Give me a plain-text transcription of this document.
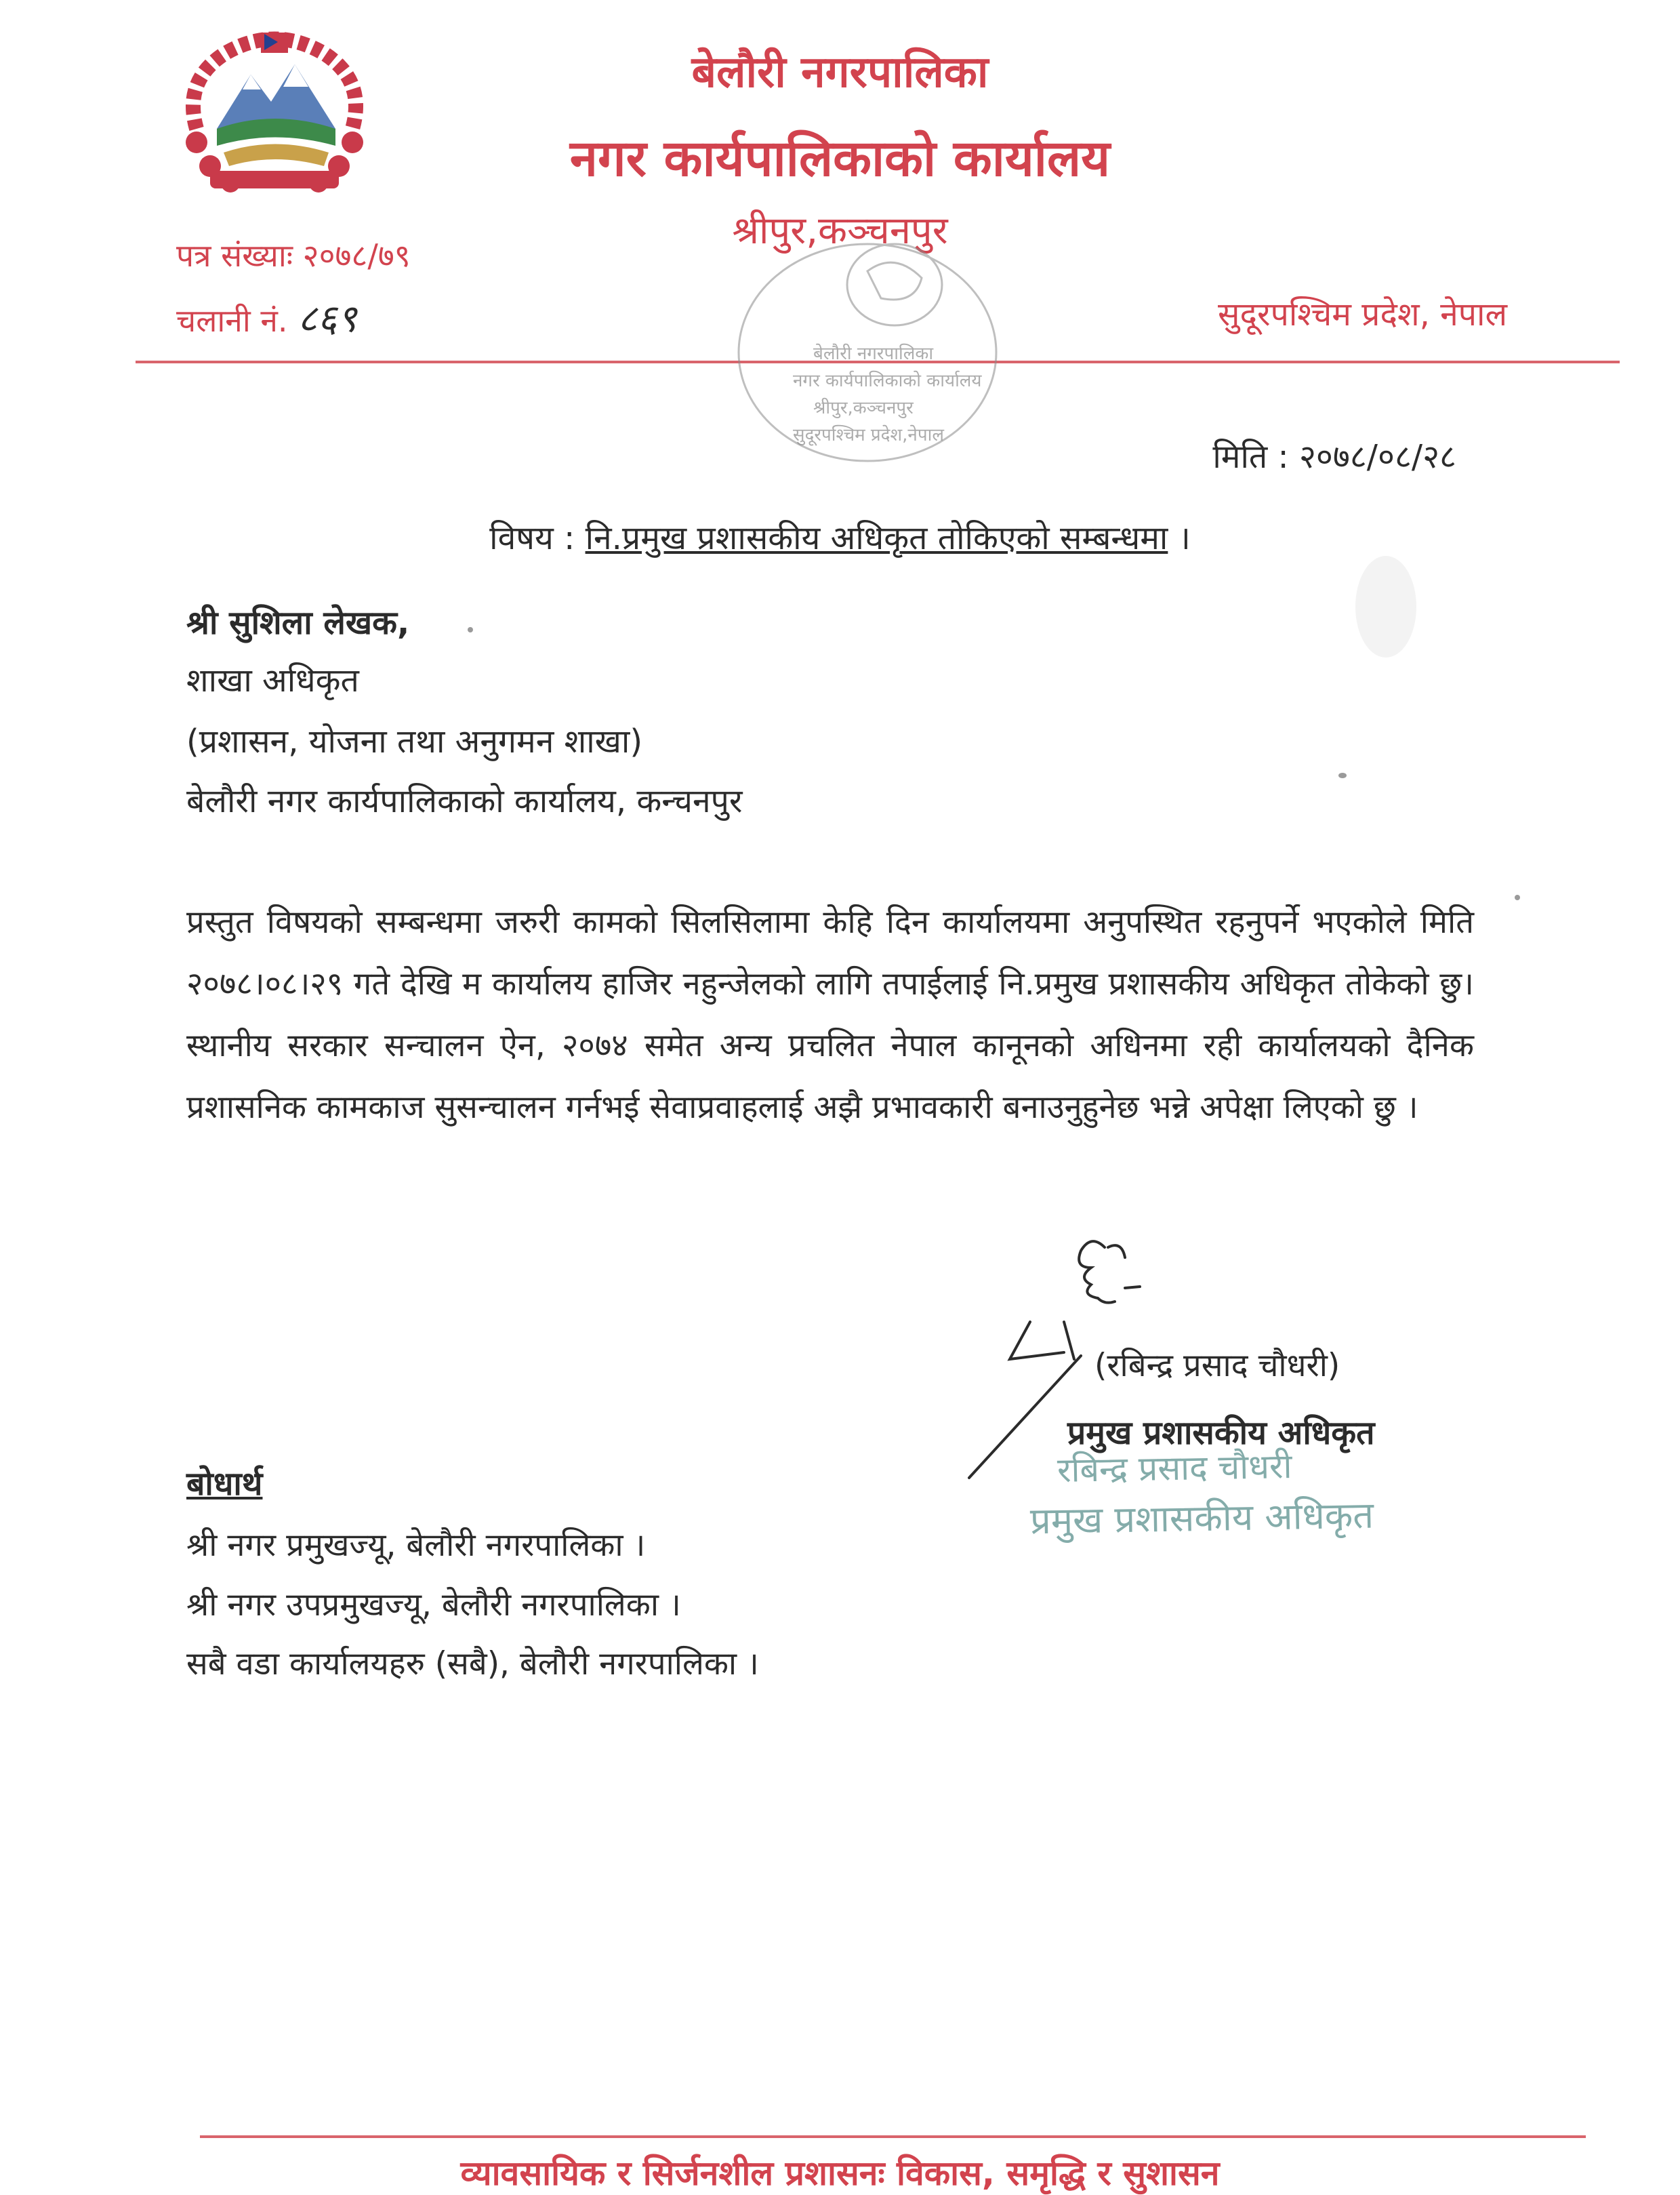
बेलौरी नगरपालिका
नगर कार्यपालिकाको कार्यालय
श्रीपुर,कञ्चनपुर
पत्र संख्याः २०७८/७९
चलानी नं. ८६९	सुदूरपश्चिम प्रदेश, नेपाल
बेलौरी नगरपालिका
नगर कार्यपालिकाको कार्यालय
श्रीपुर,कञ्चनपुर
सुदूरपश्चिम प्रदेश,नेपाल
मिति : २०७८/०८/२८
विषय : नि.प्रमुख प्रशासकीय अधिकृत तोकिएको सम्बन्धमा ।
श्री सुशिला लेखक,
शाखा अधिकृत
(प्रशासन, योजना तथा अनुगमन शाखा)
बेलौरी नगर कार्यपालिकाको कार्यालय, कन्चनपुर
प्रस्तुत विषयको सम्बन्धमा जरुरी कामको सिलसिलामा केहि दिन कार्यालयमा अनुपस्थित रहनुपर्ने भएकोले मिति २०७८।०८।२९ गते देखि म कार्यालय हाजिर नहुन्जेलको लागि तपाईलाई नि.प्रमुख प्रशासकीय अधिकृत तोकेको छु। स्थानीय सरकार सन्चालन ऐन, २०७४ समेत अन्य प्रचलित नेपाल कानूनको अधिनमा रही कार्यालयको दैनिक प्रशासनिक कामकाज सुसन्चालन गर्नभई सेवाप्रवाहलाई अझै प्रभावकारी बनाउनुहुनेछ भन्ने अपेक्षा लिएको छु ।
(रबिन्द्र प्रसाद चौधरी)
प्रमुख प्रशासकीय अधिकृत
रबिन्द्र प्रसाद चौधरी
प्रमुख प्रशासकीय अधिकृत
बोधार्थ
श्री नगर प्रमुखज्यू, बेलौरी नगरपालिका ।
श्री नगर उपप्रमुखज्यू, बेलौरी नगरपालिका ।
सबै वडा कार्यालयहरु (सबै), बेलौरी नगरपालिका ।
व्यावसायिक र सिर्जनशील प्रशासनः विकास, समृद्धि र सुशासन
